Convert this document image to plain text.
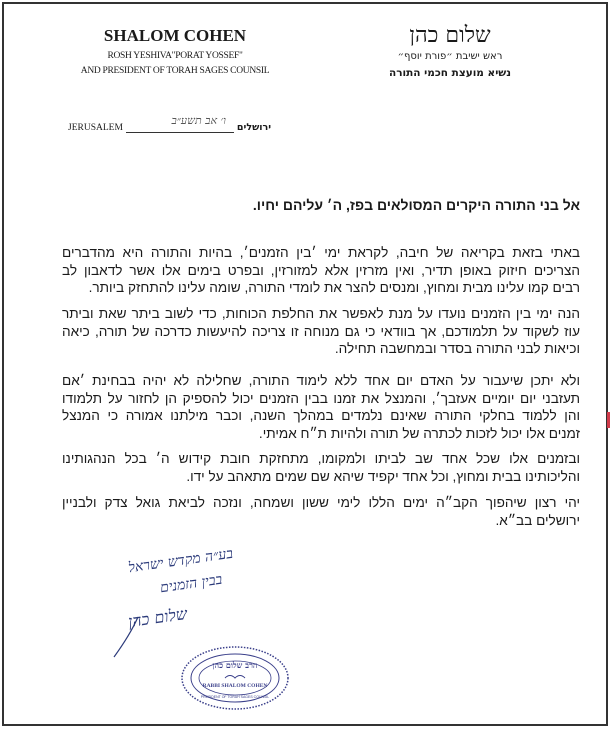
SHALOM COHEN
ROSH YESHIVA"PORAT YOSSEF"
AND PRESIDENT OF TORAH SAGES COUNSIL
שלום כהן
ראש ישיבת ״פורת יוסף״
נשיא מועצת חכמי התורה
JERUSALEM
ו׳ אב תשע״ב
ירושלים
אל בני התורה היקרים המסולאים בפז, ה׳ עליהם יחיו.
באתי בזאת בקריאה של חיבה, לקראת ימי ׳בין הזמנים׳, בהיות והתורה היא מהדברים
הצריכים חיזוק באופן תדיר, ואין מזרזין אלא למזורזין, ובפרט בימים אלו אשר לדאבון לב
רבים קמו עלינו מבית ומחוץ, ומנסים להצר את לומדי התורה, שומה עלינו להתחזק ביותר.
הנה ימי בין הזמנים נועדו על מנת לאפשר את החלפת הכוחות, כדי לשוב ביתר שאת וביתר
עוז לשקוד על תלמודכם, אך בוודאי כי גם מנוחה זו צריכה להיעשות כדרכה של תורה, כיאה
וכיאות לבני התורה בסדר ובמחשבה תחילה.
ולא יתכן שיעבור על האדם יום אחד ללא לימוד התורה, שחלילה לא יהיה בבחינת ׳אם
תעזבני יום יומיים אעזבך׳, והמנצל את זמנו בבין הזמנים יכול להספיק הן לחזור על תלמודו
והן ללמוד בחלקי התורה שאינם נלמדים במהלך השנה, וכבר מילתנו אמורה כי המנצל
זמנים אלו יכול לזכות לכתרה של תורה ולהיות ת״ח אמיתי.
ובזמנים אלו שכל אחד שב לביתו ולמקומו, מתחזקת חובת קידוש ה׳ בכל הנהגותינו
והליכותינו בבית ומחוץ, וכל אחד יקפיד שיהא שם שמים מתאהב על ידו.
יהי רצון שיהפוך הקב״ה ימים הללו לימי ששון ושמחה, ונזכה לביאת גואל צדק ולבניין
ירושלים בב״א.
בע״ה מקדש ישראל
בבין הזמנים
שלום כהן
הרב שלום כהן
RABBI SHALOM COHEN
PRESIDENT OF TORAH SAGES COUNSIL
